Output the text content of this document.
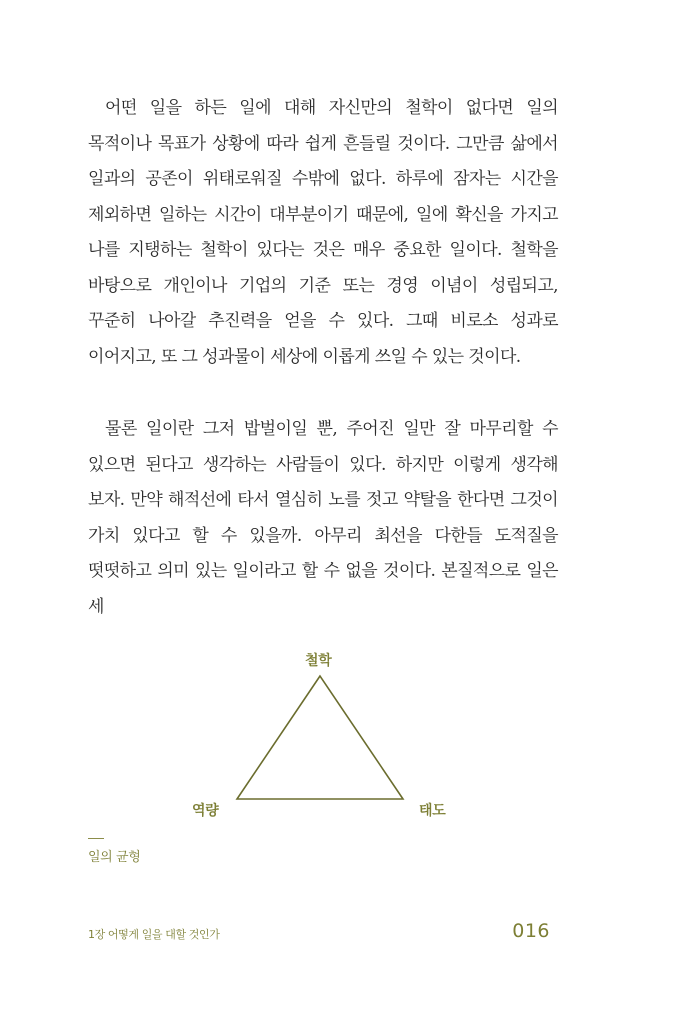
어떤 일을 하든 일에 대해 자신만의 철학이 없다면 일의 목적이나 목표가 상황에 따라 쉽게 흔들릴 것이다. 그만큼 삶에서 일과의 공존이 위태로워질 수밖에 없다. 하루에 잠자는 시간을 제외하면 일하는 시간이 대부분이기 때문에, 일에 확신을 가지고 나를 지탱하는 철학이 있다는 것은 매우 중요한 일이다. 철학을 바탕으로 개인이나 기업의 기준 또는 경영 이념이 성립되고, 꾸준히 나아갈 추진력을 얻을 수 있다. 그때 비로소 성과로 이어지고, 또 그 성과물이 세상에 이롭게 쓰일 수 있는 것이다.

물론 일이란 그저 밥벌이일 뿐, 주어진 일만 잘 마무리할 수 있으면 된다고 생각하는 사람들이 있다. 하지만 이렇게 생각해 보자. 만약 해적선에 타서 열심히 노를 젓고 약탈을 한다면 그것이 가치 있다고 할 수 있을까. 아무리 최선을 다한들 도적질을 떳떳하고 의미 있는 일이라고 할 수 없을 것이다. 본질적으로 일은 세

철학
역량	태도
일의 균형
1장 어떻게 일을 대할 것인가	016
